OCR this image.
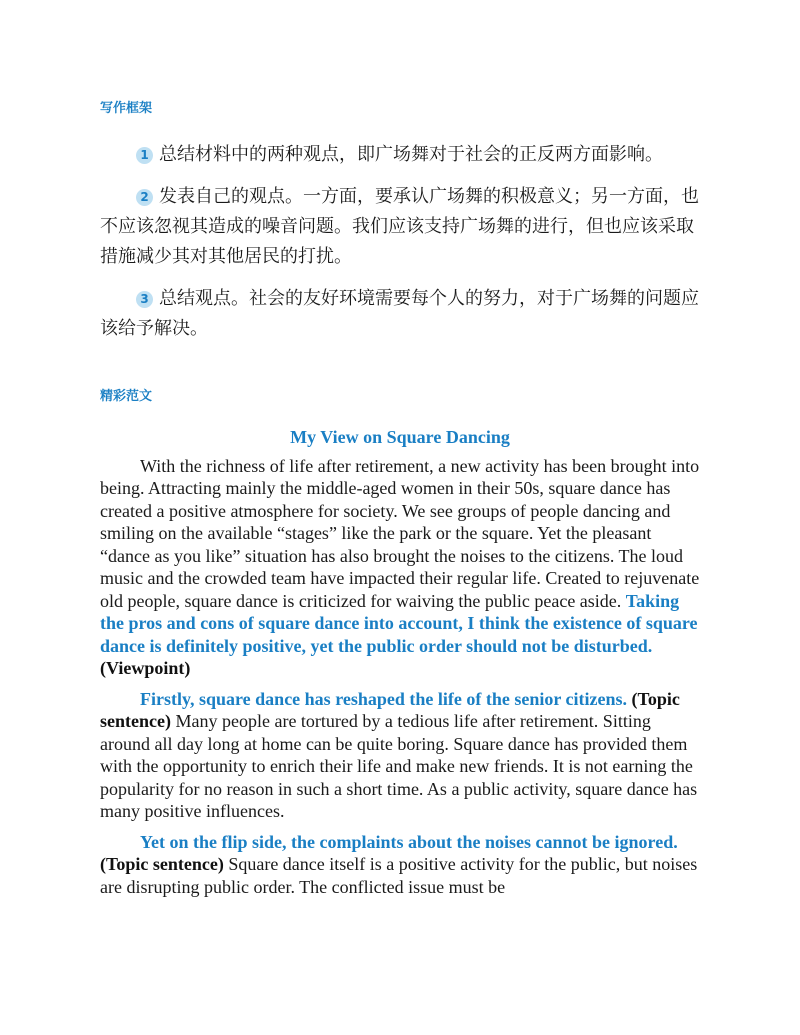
写作框架

1 总结材料中的两种观点，即广场舞对于社会的正反两方面影响。

2 发表自己的观点。一方面，要承认广场舞的积极意义；另一方面，也不应该忽视其造成的噪音问题。我们应该支持广场舞的进行，但也应该采取措施减少其对其他居民的打扰。

3 总结观点。社会的友好环境需要每个人的努力，对于广场舞的问题应该给予解决。

精彩范文
My View on Square Dancing

With the richness of life after retirement, a new activity has been brought into being. Attracting mainly the middle-aged women in their 50s, square dance has created a positive atmosphere for society. We see groups of people dancing and smiling on the available “stages” like the park or the square. Yet the pleasant “dance as you like” situation has also brought the noises to the citizens. The loud music and the crowded team have impacted their regular life. Created to rejuvenate old people, square dance is criticized for waiving the public peace aside. Taking the pros and cons of square dance into account, I think the existence of square dance is definitely positive, yet the public order should not be disturbed. (Viewpoint)

Firstly, square dance has reshaped the life of the senior citizens. (Topic sentence) Many people are tortured by a tedious life after retirement. Sitting around all day long at home can be quite boring. Square dance has provided them with the opportunity to enrich their life and make new friends. It is not earning the popularity for no reason in such a short time. As a public activity, square dance has many positive influences.

Yet on the flip side, the complaints about the noises cannot be ignored. (Topic sentence) Square dance itself is a positive activity for the public, but noises are disrupting public order. The conflicted issue must be
